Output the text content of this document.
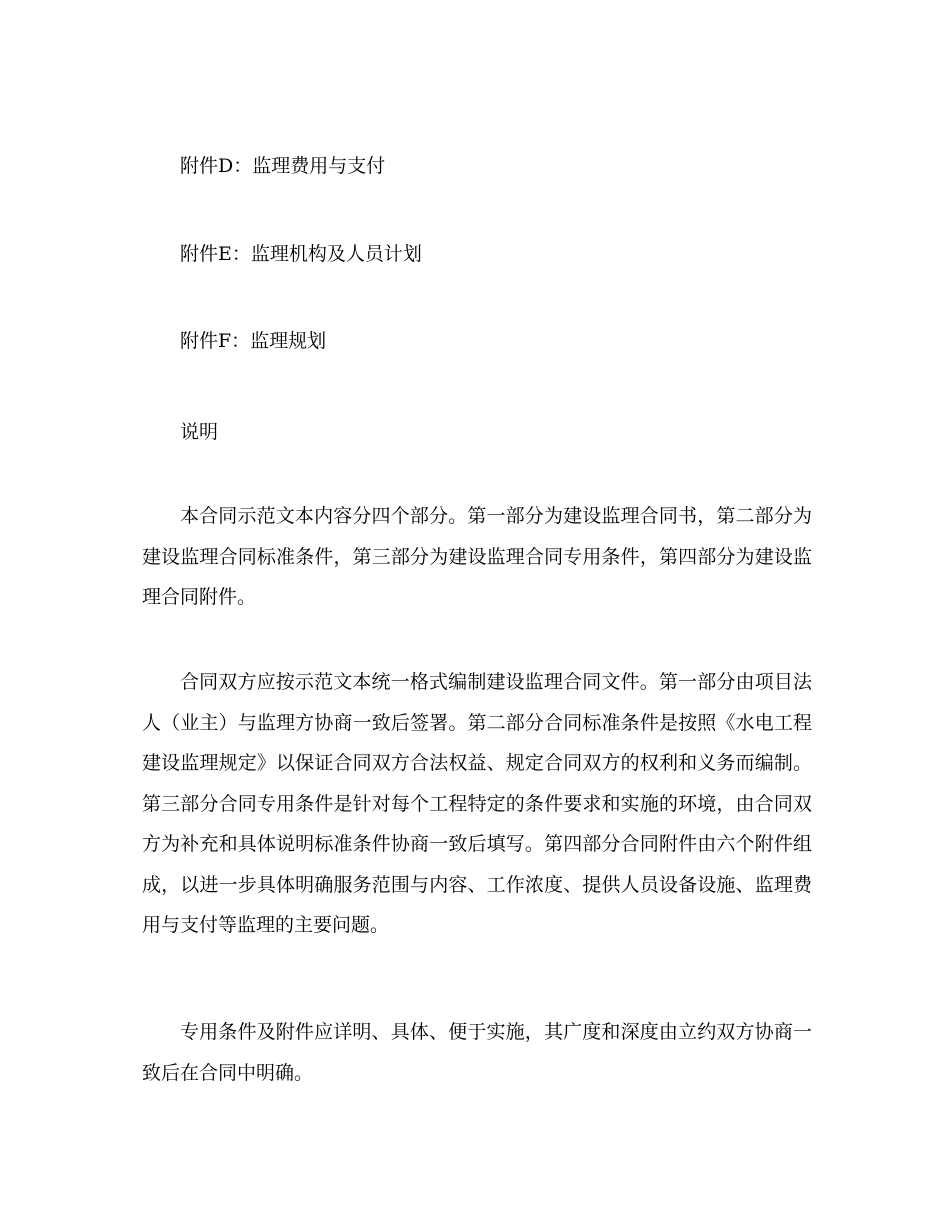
附件D：监理费用与支付
附件E：监理机构及人员计划
附件F：监理规划
说明
本合同示范文本内容分四个部分。第一部分为建设监理合同书，第二部分为建设监理合同标准条件，第三部分为建设监理合同专用条件，第四部分为建设监理合同附件。
合同双方应按示范文本统一格式编制建设监理合同文件。第一部分由项目法人（业主）与监理方协商一致后签署。第二部分合同标准条件是按照《水电工程建设监理规定》以保证合同双方合法权益、规定合同双方的权利和义务而编制。第三部分合同专用条件是针对每个工程特定的条件要求和实施的环境，由合同双方为补充和具体说明标准条件协商一致后填写。第四部分合同附件由六个附件组成，以进一步具体明确服务范围与内容、工作浓度、提供人员设备设施、监理费用与支付等监理的主要问题。
专用条件及附件应详明、具体、便于实施，其广度和深度由立约双方协商一致后在合同中明确。
